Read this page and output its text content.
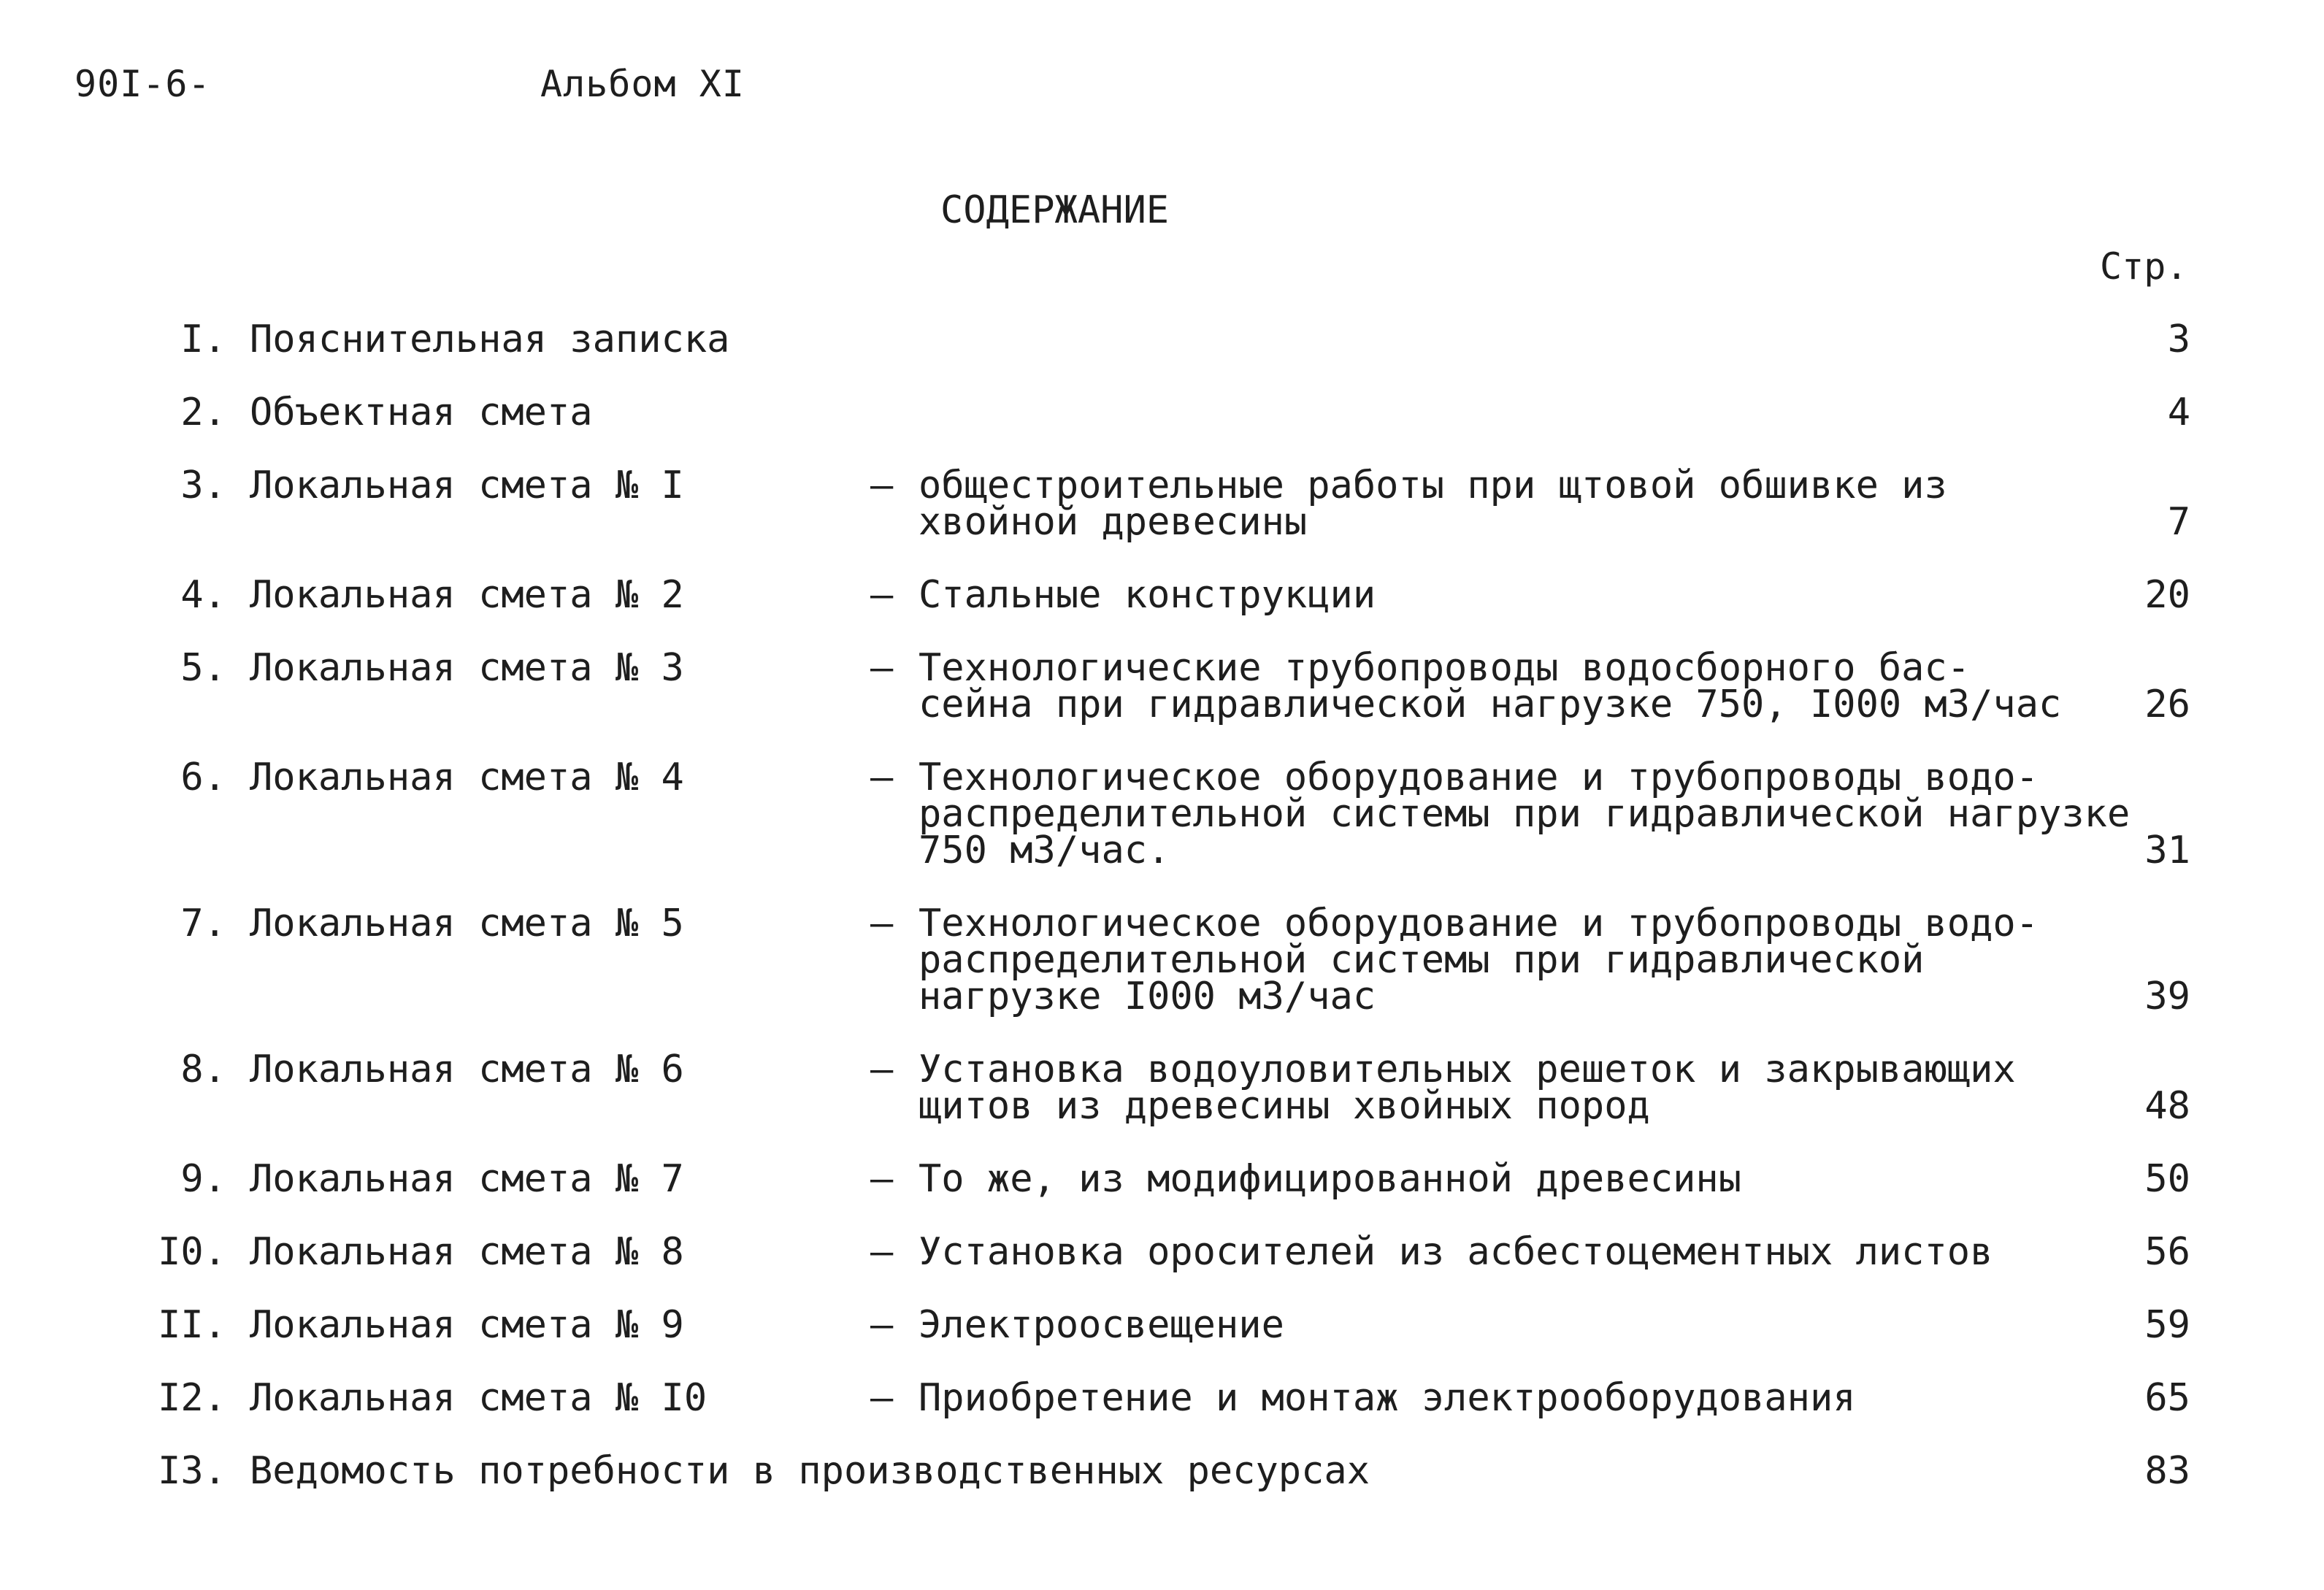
90I-6-	Альбом XI
СОДЕРЖАНИЕ
Стр.
I. Пояснительная записка	3
2. Объектная смета	4
3. Локальная смета № I	– общестроительные работы при щтовой обшивке из
хвойной древесины	7
4. Локальная смета № 2	– Стальные конструкции	20
5. Локальная смета № 3	– Технологические трубопроводы водосборного бас-
сейна при гидравлической нагрузке 750, I000 м3/час	26
6. Локальная смета № 4	– Технологическое оборудование и трубопроводы водо-
распределительной системы при гидравлической нагрузке
750 м3/час.	31
7. Локальная смета № 5	– Технологическое оборудование и трубопроводы водо-
распределительной системы при гидравлической
нагрузке I000 м3/час	39
8. Локальная смета № 6	– Установка водоуловительных решеток и закрывающих
щитов из древесины хвойных пород	48
9. Локальная смета № 7	– То же, из модифицированной древесины	50
I0. Локальная смета № 8	– Установка оросителей из асбестоцементных листов	56
II. Локальная смета № 9	– Электроосвещение	59
I2. Локальная смета № I0	– Приобретение и монтаж электрооборудования	65
I3. Ведомость потребности в производственных ресурсах	83
